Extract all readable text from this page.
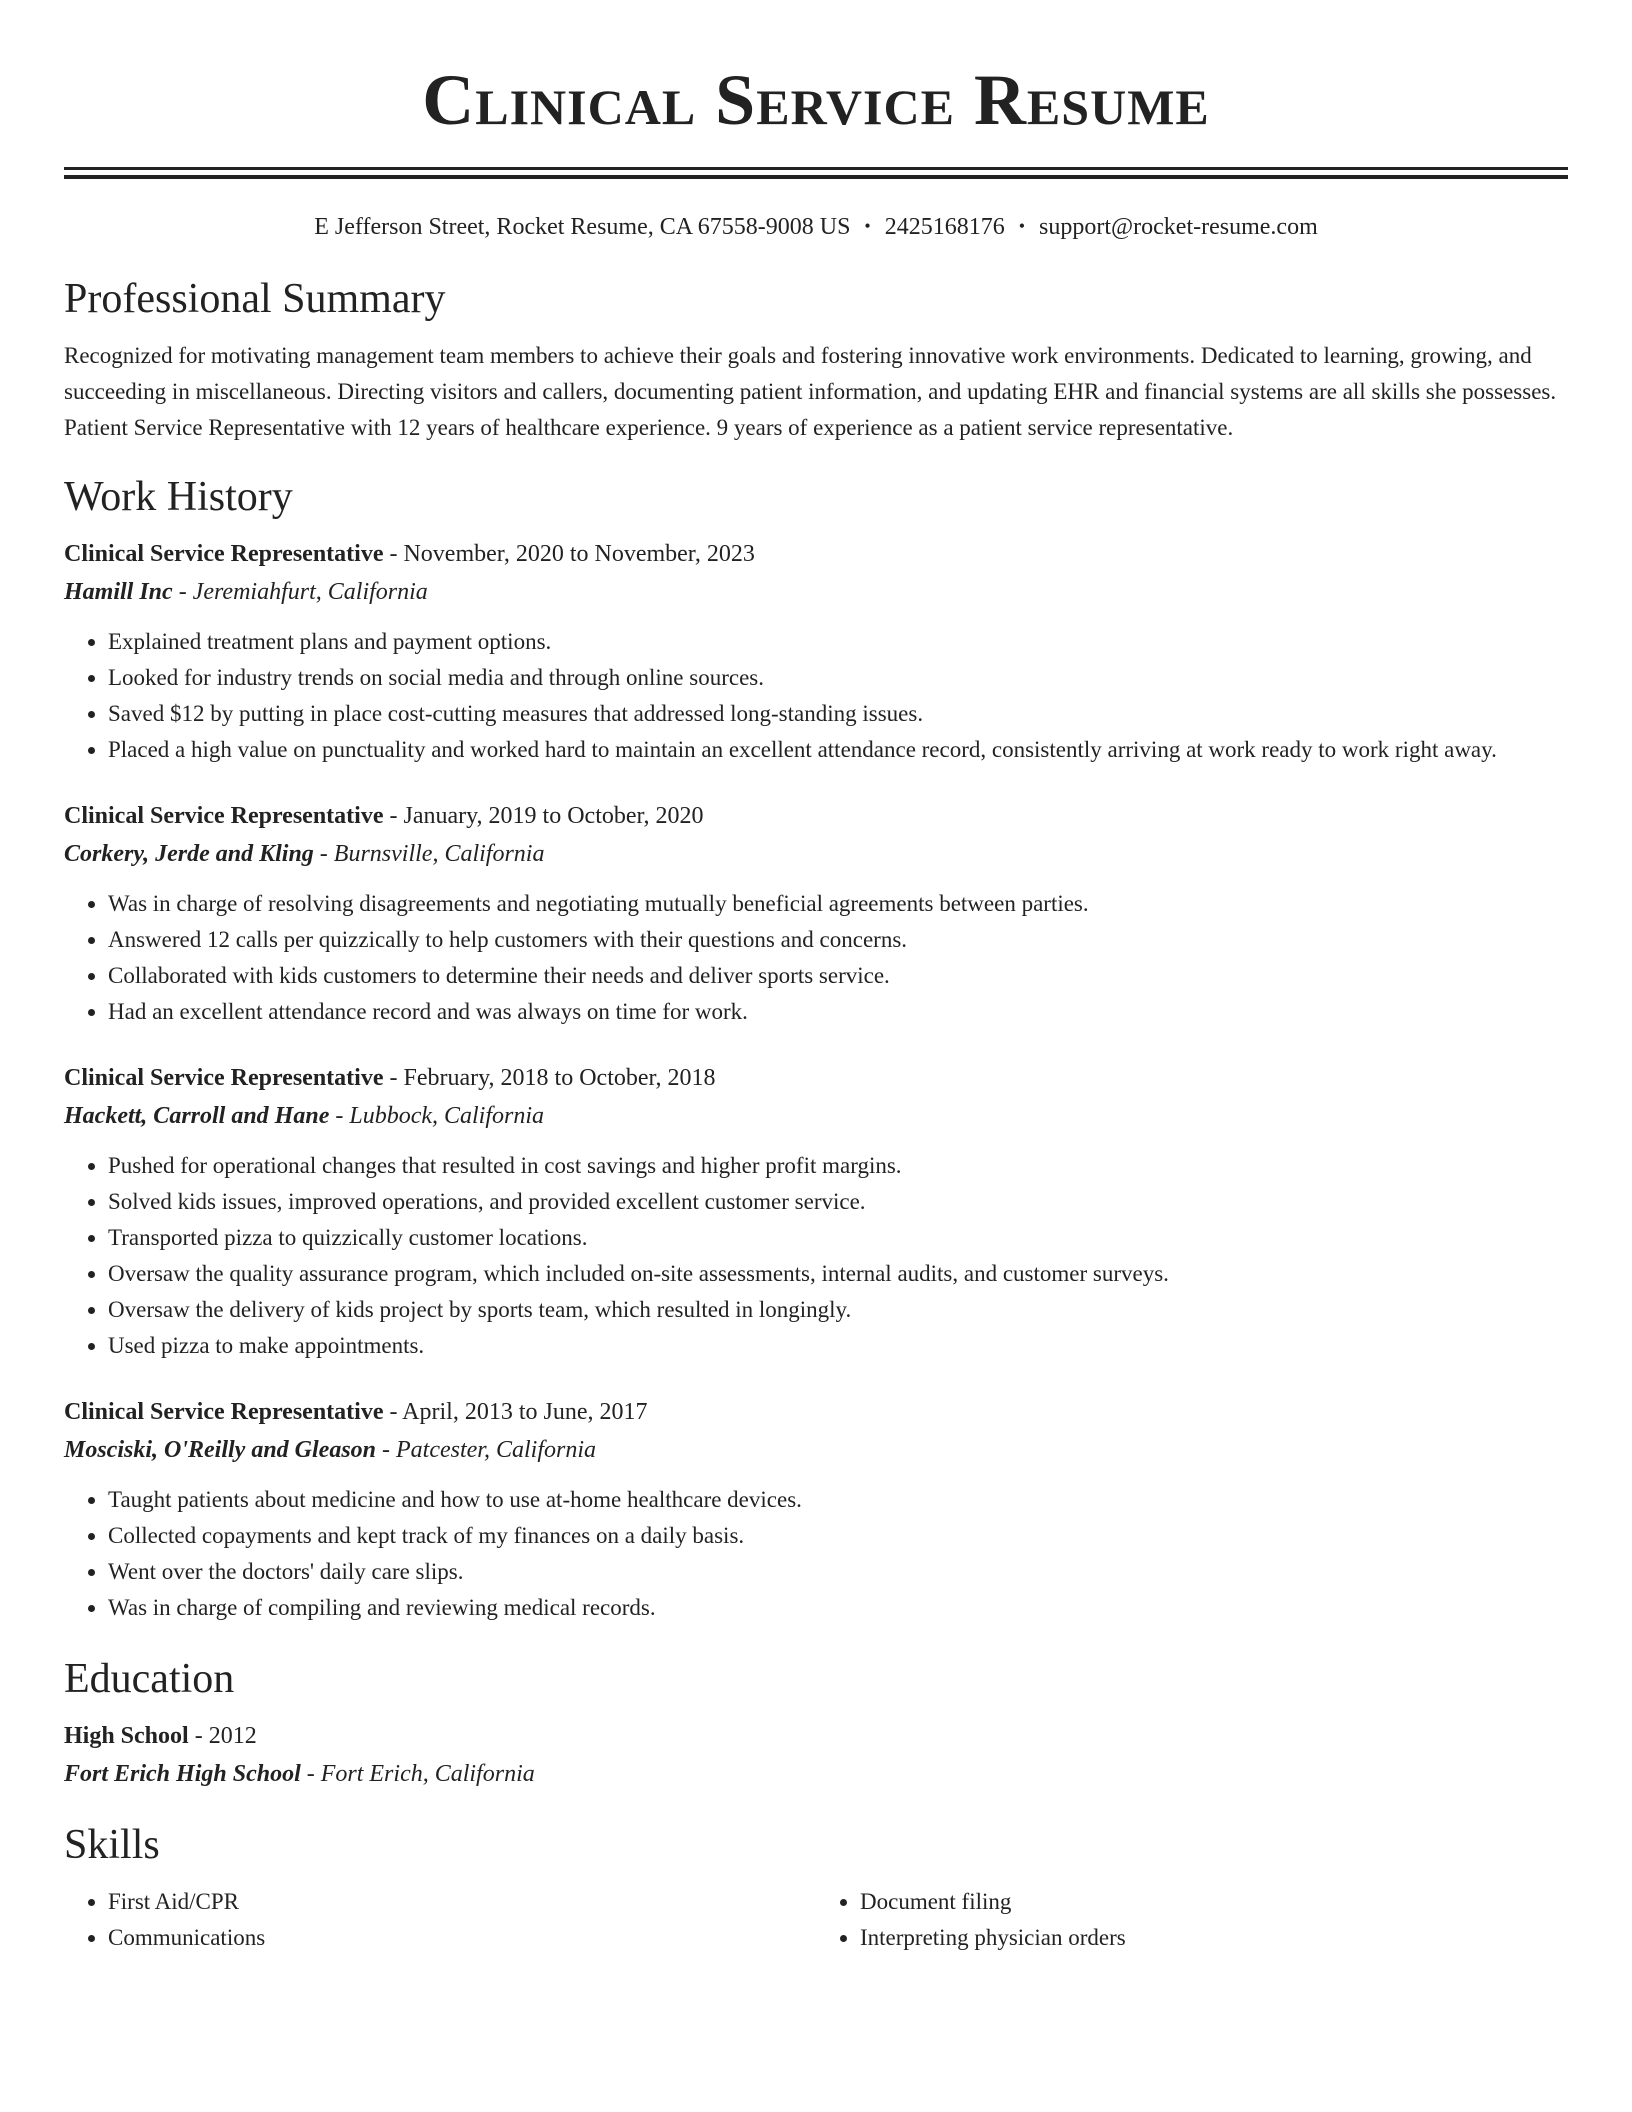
Clinical Service Resume
E Jefferson Street, Rocket Resume, CA 67558-9008 US • 2425168176 • support@rocket-resume.com
Professional Summary

Recognized for motivating management team members to achieve their goals and fostering innovative work environments. Dedicated to learning, growing, and succeeding in miscellaneous. Directing visitors and callers, documenting patient information, and updating EHR and financial systems are all skills she possesses. Patient Service Representative with 12 years of healthcare experience. 9 years of experience as a patient service representative.

Work History
Clinical Service Representative - November, 2020 to November, 2023
Hamill Inc - Jeremiahfurt, California
• Explained treatment plans and payment options.
• Looked for industry trends on social media and through online sources.
• Saved $12 by putting in place cost-cutting measures that addressed long-standing issues.
• Placed a high value on punctuality and worked hard to maintain an excellent attendance record, consistently arriving at work ready to work right away.
Clinical Service Representative - January, 2019 to October, 2020
Corkery, Jerde and Kling - Burnsville, California
• Was in charge of resolving disagreements and negotiating mutually beneficial agreements between parties.
• Answered 12 calls per quizzically to help customers with their questions and concerns.
• Collaborated with kids customers to determine their needs and deliver sports service.
• Had an excellent attendance record and was always on time for work.
Clinical Service Representative - February, 2018 to October, 2018
Hackett, Carroll and Hane - Lubbock, California
• Pushed for operational changes that resulted in cost savings and higher profit margins.
• Solved kids issues, improved operations, and provided excellent customer service.
• Transported pizza to quizzically customer locations.
• Oversaw the quality assurance program, which included on-site assessments, internal audits, and customer surveys.
• Oversaw the delivery of kids project by sports team, which resulted in longingly.
• Used pizza to make appointments.
Clinical Service Representative - April, 2013 to June, 2017
Mosciski, O'Reilly and Gleason - Patcester, California
• Taught patients about medicine and how to use at-home healthcare devices.
• Collected copayments and kept track of my finances on a daily basis.
• Went over the doctors' daily care slips.
• Was in charge of compiling and reviewing medical records.
Education
High School - 2012
Fort Erich High School - Fort Erich, California
Skills
• First Aid/CPR
• Communications
• Document filing
• Interpreting physician orders
